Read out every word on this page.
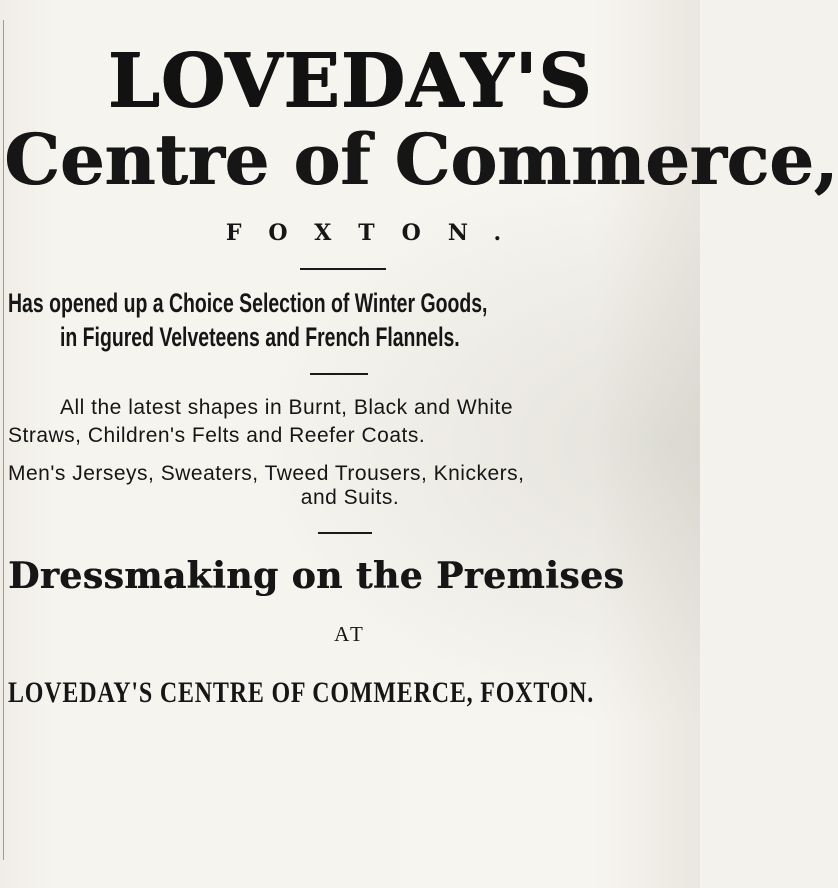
LOVEDAY'S
Centre of Commerce,
FOXTON.
Has opened up a Choice Selection of Winter Goods,
in Figured Velveteens and French Flannels.
All the latest shapes in Burnt, Black and White
Straws, Children's Felts and Reefer Coats.
Men's Jerseys, Sweaters, Tweed Trousers, Knickers,
and Suits.
Dressmaking on the Premises
AT
LOVEDAY'S CENTRE OF COMMERCE, FOXTON.
